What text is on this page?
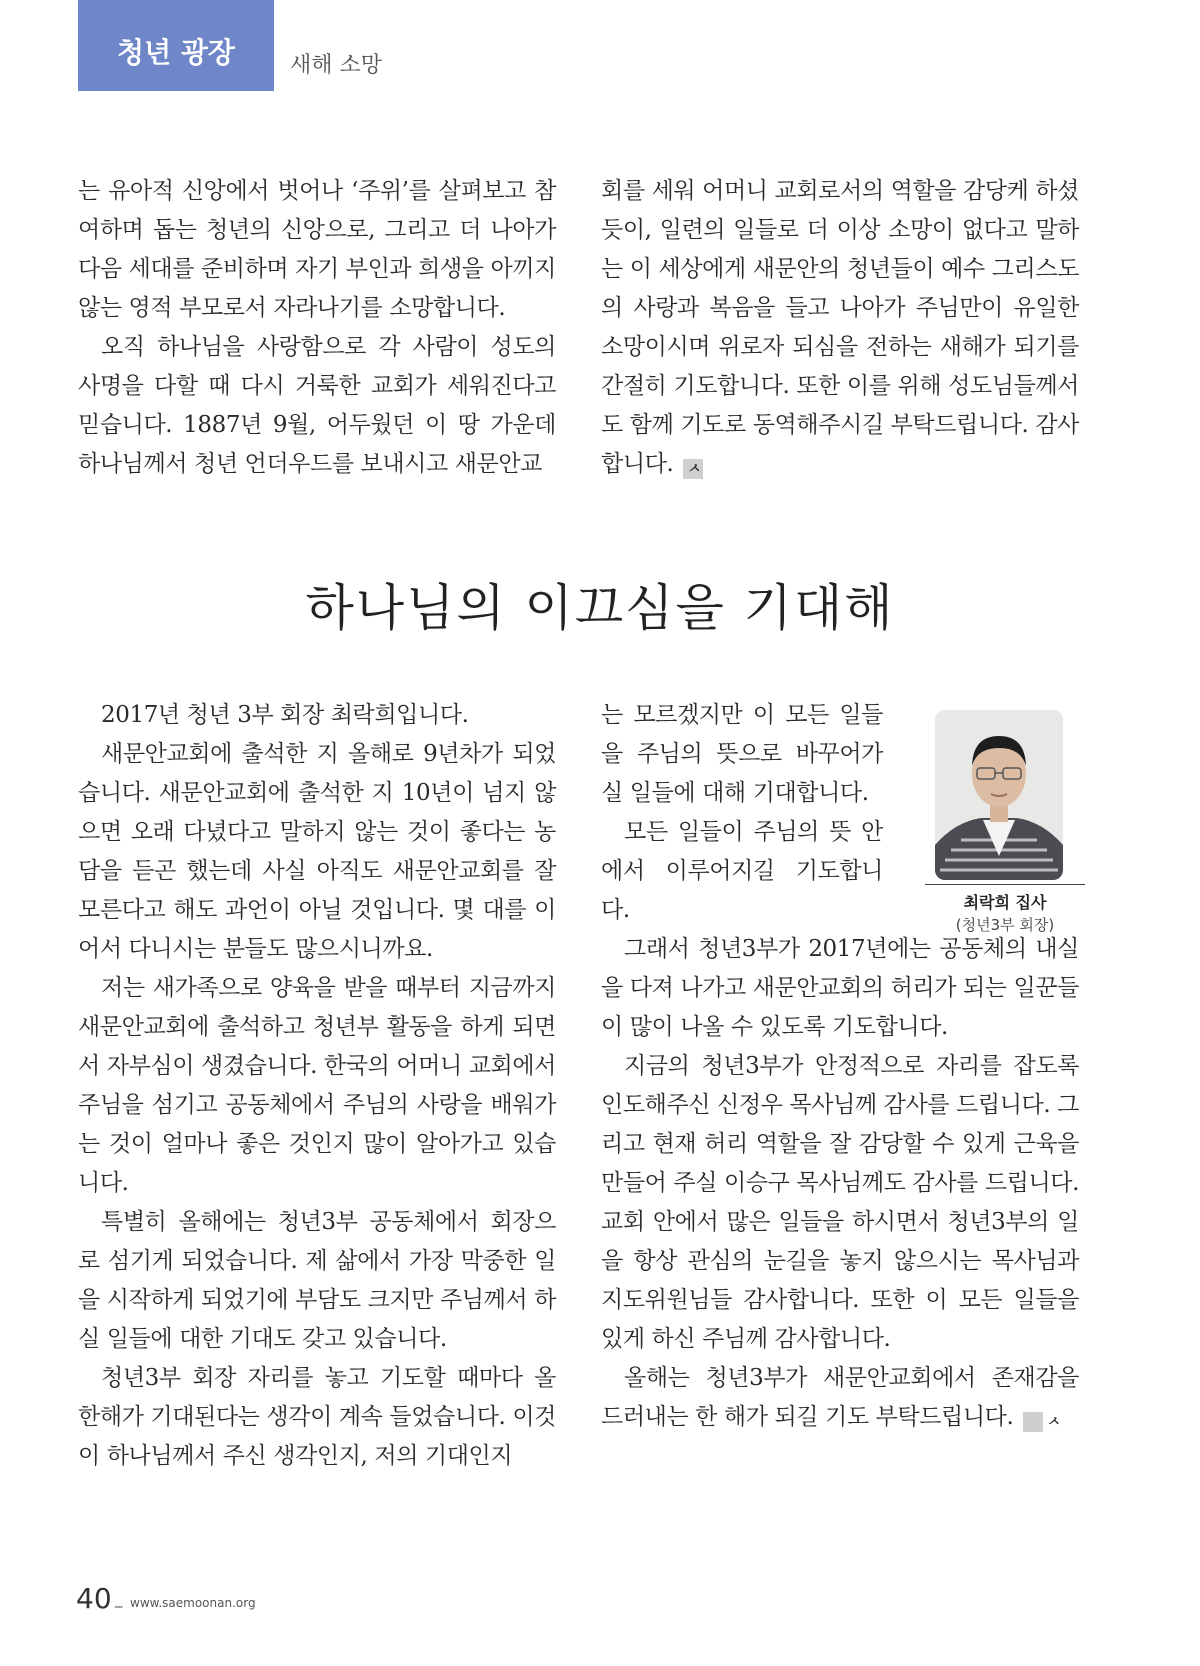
청년 광장	새해 소망

는 유아적 신앙에서 벗어나 ‘주위’를 살펴보고 참여하며 돕는 청년의 신앙으로, 그리고 더 나아가 다음 세대를 준비하며 자기 부인과 희생을 아끼지 않는 영적 부모로서 자라나기를 소망합니다.

오직 하나님을 사랑함으로 각 사람이 성도의 사명을 다할 때 다시 거룩한 교회가 세워진다고 믿습니다. 1887년 9월, 어두웠던 이 땅 가운데 하나님께서 청년 언더우드를 보내시고 새문안교

회를 세워 어머니 교회로서의 역할을 감당케 하셨듯이, 일련의 일들로 더 이상 소망이 없다고 말하는 이 세상에게 새문안의 청년들이 예수 그리스도의 사랑과 복음을 들고 나아가 주님만이 유일한 소망이시며 위로자 되심을 전하는 새해가 되기를 간절히 기도합니다. 또한 이를 위해 성도님들께서도 함께 기도로 동역해주시길 부탁드립니다. 감사합니다. ㅅ

하나님의 이끄심을 기대해

2017년 청년 3부 회장 최락희입니다.

새문안교회에 출석한 지 올해로 9년차가 되었습니다. 새문안교회에 출석한 지 10년이 넘지 않으면 오래 다녔다고 말하지 않는 것이 좋다는 농담을 듣곤 했는데 사실 아직도 새문안교회를 잘 모른다고 해도 과언이 아닐 것입니다. 몇 대를 이어서 다니시는 분들도 많으시니까요.

저는 새가족으로 양육을 받을 때부터 지금까지 새문안교회에 출석하고 청년부 활동을 하게 되면서 자부심이 생겼습니다. 한국의 어머니 교회에서 주님을 섬기고 공동체에서 주님의 사랑을 배워가는 것이 얼마나 좋은 것인지 많이 알아가고 있습니다.

특별히 올해에는 청년3부 공동체에서 회장으로 섬기게 되었습니다. 제 삶에서 가장 막중한 일을 시작하게 되었기에 부담도 크지만 주님께서 하실 일들에 대한 기대도 갖고 있습니다.

청년3부 회장 자리를 놓고 기도할 때마다 올 한해가 기대된다는 생각이 계속 들었습니다. 이것이 하나님께서 주신 생각인지, 저의 기대인지

는 모르겠지만 이 모든 일들을 주님의 뜻으로 바꾸어가실 일들에 대해 기대합니다.

모든 일들이 주님의 뜻 안에서 이루어지길 기도합니다.	최락희 집사
(청년3부 회장)

그래서 청년3부가 2017년에는 공동체의 내실을 다져 나가고 새문안교회의 허리가 되는 일꾼들이 많이 나올 수 있도록 기도합니다.

지금의 청년3부가 안정적으로 자리를 잡도록 인도해주신 신정우 목사님께 감사를 드립니다. 그리고 현재 허리 역할을 잘 감당할 수 있게 근육을 만들어 주실 이승구 목사님께도 감사를 드립니다. 교회 안에서 많은 일들을 하시면서 청년3부의 일을 항상 관심의 눈길을 놓지 않으시는 목사님과 지도위원님들 감사합니다. 또한 이 모든 일들을 있게 하신 주님께 감사합니다.

올해는 청년3부가 새문안교회에서 존재감을 드러내는 한 해가 되길 기도 부탁드립니다. ㅅ

40 _ www.saemoonan.org
